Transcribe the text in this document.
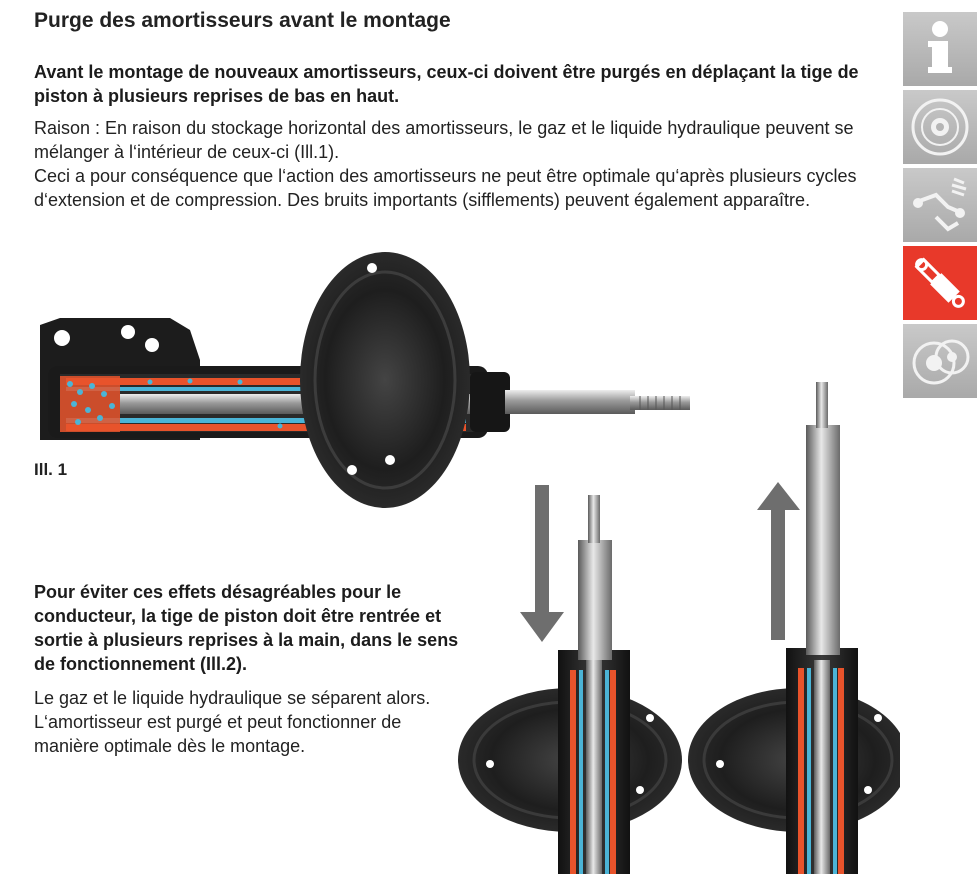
Purge des amortisseurs avant le montage

Avant le montage de nouveaux amortisseurs, ceux-ci doivent être purgés en déplaçant la tige de piston à plusieurs reprises de bas en haut.

Raison : En raison du stockage horizontal des amortisseurs, le gaz et le liquide hydraulique peuvent se mélanger à l‘intérieur de ceux-ci (Ill.1).
Ceci a pour conséquence que l‘action des amortisseurs ne peut être optimale qu‘après plusieurs cycles d‘extension et de compression. Des bruits importants (sifflements) peuvent également apparaître.

Ill. 1

Pour éviter ces effets désagréables pour le conducteur, la tige de piston doit être rentrée et sortie à plusieurs reprises à la main, dans le sens de fonctionnement (Ill.2).

Le gaz et le liquide hydraulique se séparent alors.
L‘amortisseur est purgé et peut fonctionner de manière optimale dès le montage.
